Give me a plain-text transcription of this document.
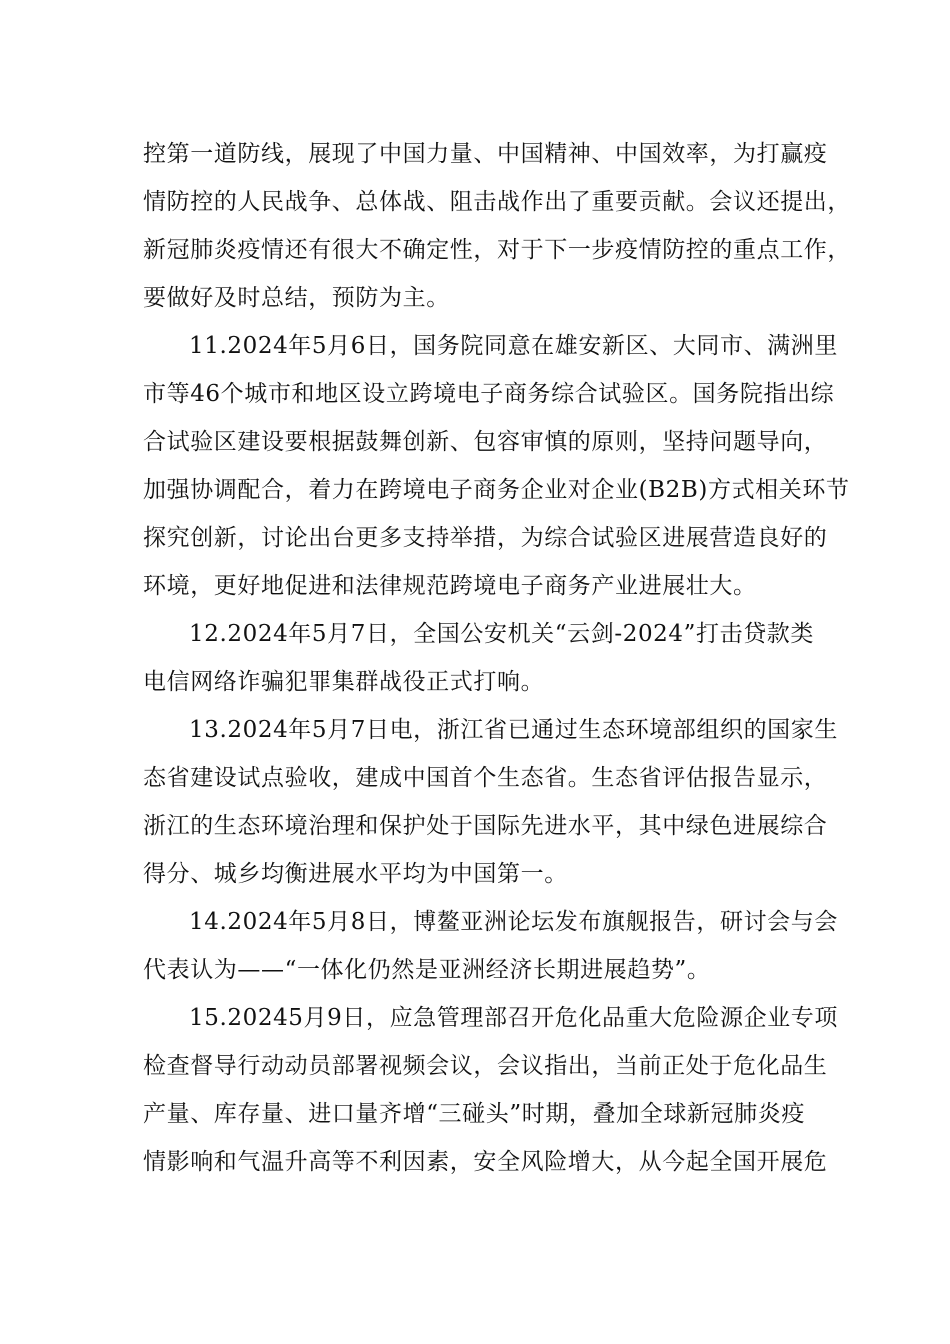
控第一道防线，展现了中国力量、中国精神、中国效率，为打赢疫
情防控的人民战争、总体战、阻击战作出了重要贡献。会议还提出，
新冠肺炎疫情还有很大不确定性，对于下一步疫情防控的重点工作，
要做好及时总结，预防为主。

11.2024年5月6日，国务院同意在雄安新区、大同市、满洲里
市等46个城市和地区设立跨境电子商务综合试验区。国务院指出综
合试验区建设要根据鼓舞创新、包容审慎的原则，坚持问题导向，
加强协调配合，着力在跨境电子商务企业对企业(B2B)方式相关环节
探究创新，讨论出台更多支持举措，为综合试验区进展营造良好的
环境，更好地促进和法律规范跨境电子商务产业进展壮大。

12.2024年5月7日，全国公安机关“云剑-2024”打击贷款类
电信网络诈骗犯罪集群战役正式打响。

13.2024年5月7日电，浙江省已通过生态环境部组织的国家生
态省建设试点验收，建成中国首个生态省。生态省评估报告显示，
浙江的生态环境治理和保护处于国际先进水平，其中绿色进展综合
得分、城乡均衡进展水平均为中国第一。

14.2024年5月8日，博鳌亚洲论坛发布旗舰报告，研讨会与会
代表认为——“一体化仍然是亚洲经济长期进展趋势”。

15.20245月9日，应急管理部召开危化品重大危险源企业专项
检查督导行动动员部署视频会议，会议指出，当前正处于危化品生
产量、库存量、进口量齐增“三碰头”时期，叠加全球新冠肺炎疫
情影响和气温升高等不利因素，安全风险增大，从今起全国开展危
